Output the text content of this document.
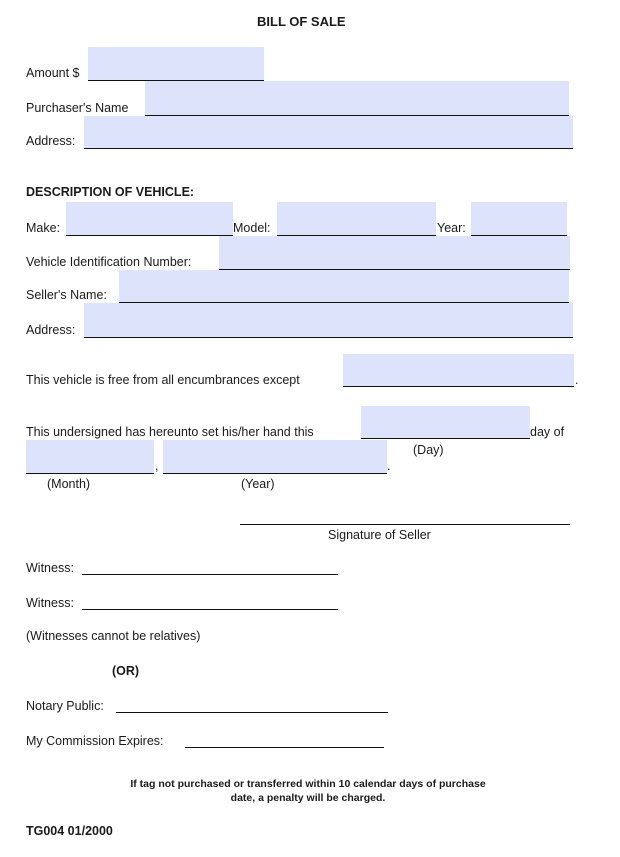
BILL OF SALE
Amount $
Purchaser's Name
Address:
DESCRIPTION OF VEHICLE:
Make:	Model:	Year:
Vehicle Identification Number:
Seller's Name:
Address:
This vehicle is free from all encumbrances except	.
This undersigned has hereunto set his/her hand this	day of
(Day)
,
(Month)
.
(Year)
Signature of Seller
Witness:
Witness:
(Witnesses cannot be relatives)
(OR)
Notary Public:
My Commission Expires:
If tag not purchased or transferred within 10 calendar days of purchase
date, a penalty will be charged.
TG004 01/2000
